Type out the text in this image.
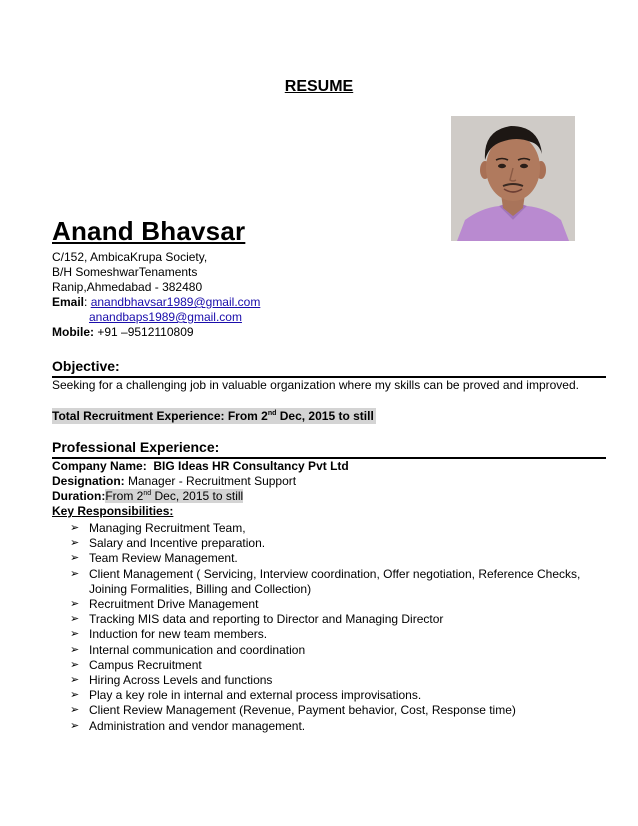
RESUME
Anand Bhavsar
C/152, AmbicaKrupa Society,
B/H SomeshwarTenaments
Ranip,Ahmedabad - 382480
Email: anandbhavsar1989@gmail.com
anandbaps1989@gmail.com
Mobile: +91 –9512110809
Objective:
Seeking for a challenging job in valuable organization where my skills can be proved and improved.
Total Recruitment Experience: From 2nd Dec, 2015 to still
Professional Experience:
Company Name: BIG Ideas HR Consultancy Pvt Ltd
Designation: Manager - Recruitment Support
Duration:From 2nd Dec, 2015 to still
Key Responsibilities:
➢ Managing Recruitment Team,
➢ Salary and Incentive preparation.
➢ Team Review Management.
➢ Client Management ( Servicing, Interview coordination, Offer negotiation, Reference Checks, Joining Formalities, Billing and Collection)
➢ Recruitment Drive Management
➢ Tracking MIS data and reporting to Director and Managing Director
➢ Induction for new team members.
➢ Internal communication and coordination
➢ Campus Recruitment
➢ Hiring Across Levels and functions
➢ Play a key role in internal and external process improvisations.
➢ Client Review Management (Revenue, Payment behavior, Cost, Response time)
➢ Administration and vendor management.
